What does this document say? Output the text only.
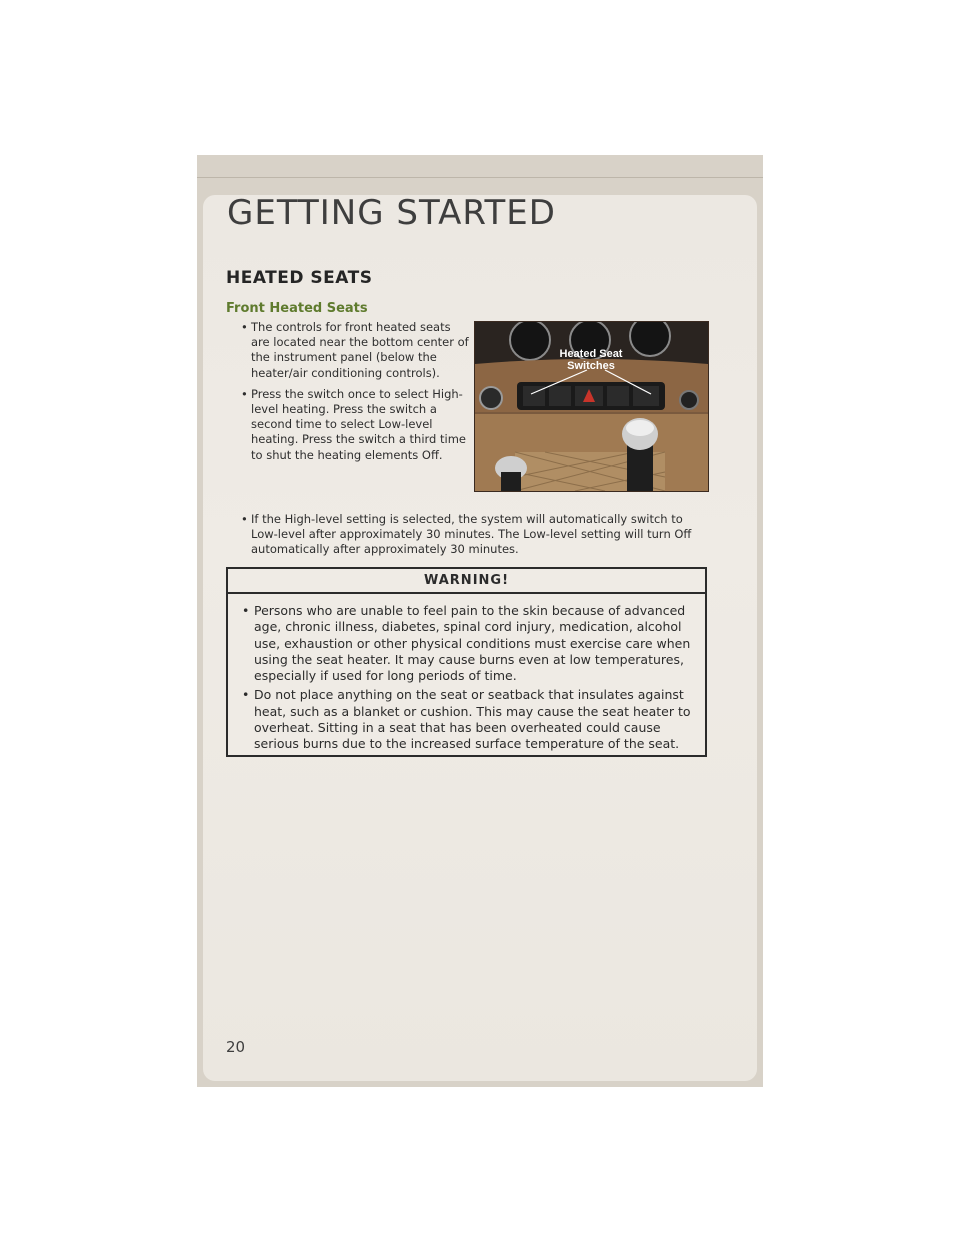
GETTING STARTED
HEATED SEATS
Front Heated Seats

• The controls for front heated seats are located near the bottom center of the instrument panel (below the heater/air conditioning controls).

• Press the switch once to select High-level heating. Press the switch a second time to select Low-level heating. Press the switch a third time to shut the heating elements Off.

Heated Seat
Switches

• If the High-level setting is selected, the system will automatically switch to Low-level after approximately 30 minutes. The Low-level setting will turn Off automatically after approximately 30 minutes.

WARNING!

• Persons who are unable to feel pain to the skin because of advanced age, chronic illness, diabetes, spinal cord injury, medication, alcohol use, exhaustion or other physical conditions must exercise care when using the seat heater. It may cause burns even at low temperatures, especially if used for long periods of time.

• Do not place anything on the seat or seatback that insulates against heat, such as a blanket or cushion. This may cause the seat heater to overheat. Sitting in a seat that has been overheated could cause serious burns due to the increased surface temperature of the seat.

20
